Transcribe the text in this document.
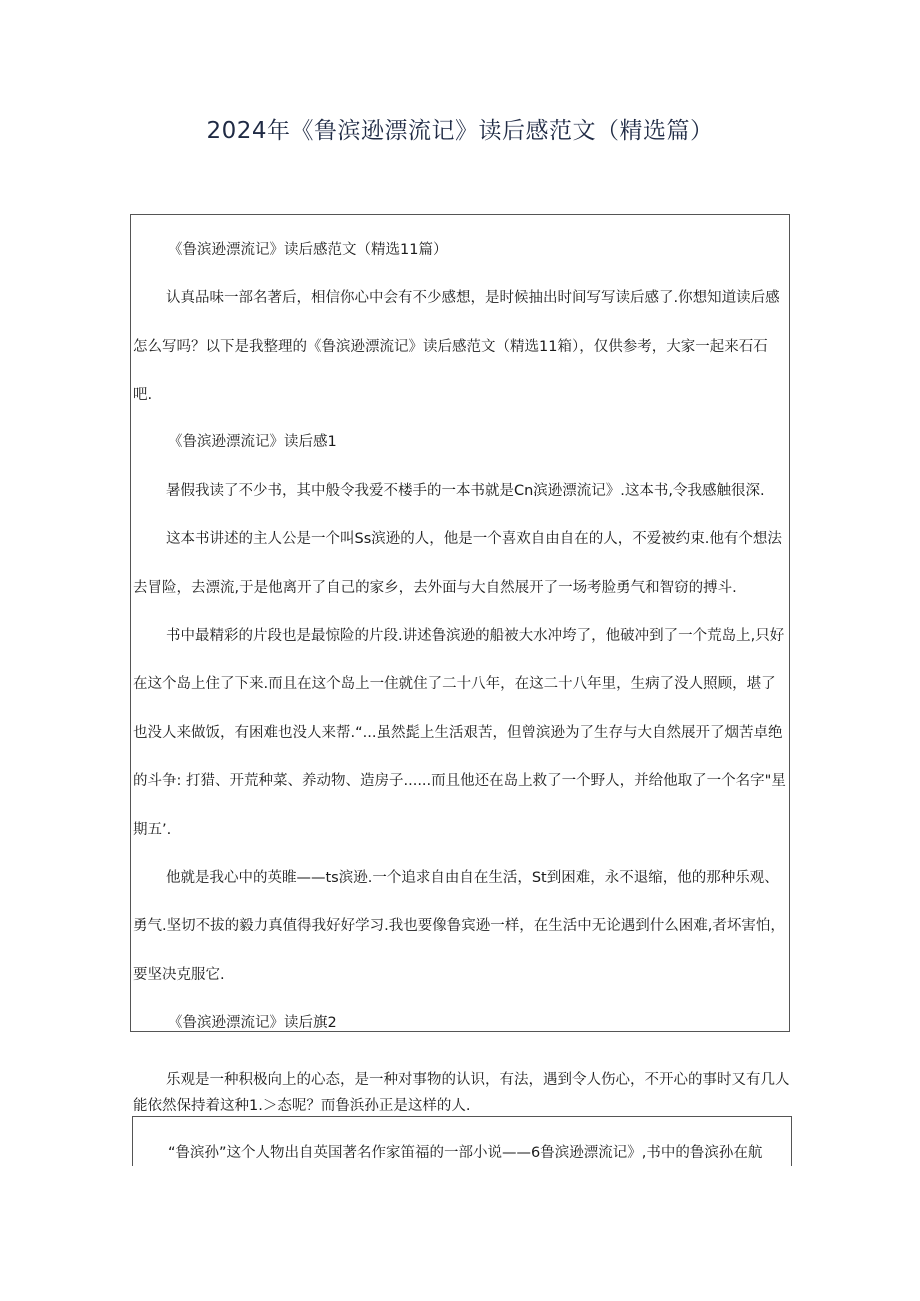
2024年《鲁滨逊漂流记》读后感范文（精选篇）
《鲁滨逊漂流记》读后感范文（精选11篇）
认真品味一部名著后，相信你心中会有不少感想，是时候抽出时间写写读后感了.你想知道读后感
怎么写吗？以下是我整理的《鲁滨逊漂流记》读后感范文（精选11箱），仅供参考，大家一起来石石
吧.
《鲁滨逊漂流记》读后感1
暑假我读了不少书，其中般令我爱不楼手的一本书就是Cn滨逊漂流记》.这本书,令我感触很深.
这本书讲述的主人公是一个叫Ss滨逊的人，他是一个喜欢自由自在的人，不爱被约束.他有个想法
去冒险，去漂流,于是他离开了自己的家乡，去外面与大自然展开了一场考脸勇气和智窃的搏斗.
书中最精彩的片段也是最惊险的片段.讲述鲁滨逊的船被大水冲垮了，他破冲到了一个荒岛上,只好
在这个岛上住了下来.而且在这个岛上一住就住了二十八年，在这二十八年里，生病了没人照顾，堪了
也没人来做饭，有困难也没人来帮.“...虽然髭上生活艰苦，但曾滨逊为了生存与大自然展开了烟苦卓绝
的斗争: 打猎、开荒种菜、养动物、造房子......而且他还在岛上救了一个野人，并给他取了一个名字"星
期五’.
他就是我心中的英睢——ts滨逊.一个追求自由自在生活，St到困难，永不退缩，他的那种乐观、
勇气.坚切不拔的毅力真值得我好好学习.我也要像鲁宾逊一样，在生活中无论遇到什么困难,者坏害怕，
要坚决克服它.
《鲁滨逊漂流记》读后旗2
乐观是一种积极向上的心态，是一种对事物的认识，有法，遇到令人伤心，不开心的事时又有几人
能依然保持着这种1.＞态呢？而鲁浜孙正是这样的人.
“鲁滨孙”这个人物出自英国著名作家笛福的一部小说——6鲁滨逊漂流记》,书中的鲁滨孙在航
